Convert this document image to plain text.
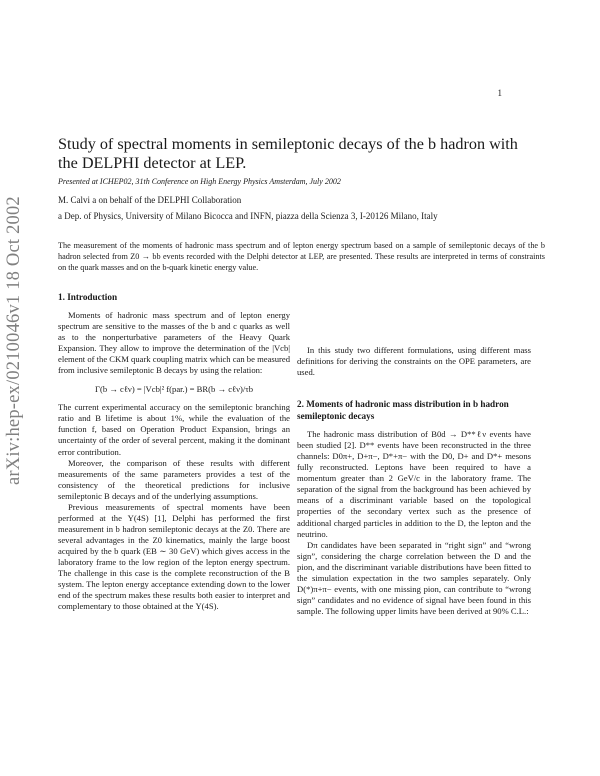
1
arXiv:hep-ex/0210046v1 18 Oct 2002
Study of spectral moments in semileptonic decays of the b hadron with the DELPHI detector at LEP.
Presented at ICHEP02, 31th Conference on High Energy Physics Amsterdam, July 2002
M. Calvi a on behalf of the DELPHI Collaboration
a Dep. of Physics, University of Milano Bicocca and INFN, piazza della Scienza 3, I-20126 Milano, Italy

The measurement of the moments of hadronic mass spectrum and of lepton energy spectrum based on a sample of semileptonic decays of the b hadron selected from Z0 → bb events recorded with the Delphi detector at LEP, are presented. These results are interpreted in terms of constraints on the quark masses and on the b-quark kinetic energy value.

1. Introduction

Moments of hadronic mass spectrum and of lepton energy spectrum are sensitive to the masses of the b and c quarks as well as to the nonperturbative parameters of the Heavy Quark Expansion. They allow to improve the determination of the |Vcb| element of the CKM quark coupling matrix which can be measured from inclusive semileptonic B decays by using the relation:

Γ(b → cℓν) = |Vcb|² f(par.) = BR(b → cℓν)/τb

The current experimental accuracy on the semileptonic branching ratio and B lifetime is about 1%, while the evaluation of the function f, based on Operation Product Expansion, brings an uncertainty of the order of several percent, making it the dominant error contribution.

Moreover, the comparison of these results with different measurements of the same parameters provides a test of the consistency of the theoretical predictions for inclusive semileptonic B decays and of the underlying assumptions.

Previous measurements of spectral moments have been performed at the Υ(4S) [1], Delphi has performed the first measurement in b hadron semileptonic decays at the Z0. There are several advantages in the Z0 kinematics, mainly the large boost acquired by the b quark (EB ∼ 30 GeV) which gives access in the laboratory frame to the low region of the lepton energy spectrum. The challenge in this case is the complete reconstruction of the B system. The lepton energy acceptance extending down to the lower end of the spectrum makes these results both easier to interpret and complementary to those obtained at the Υ(4S).

In this study two different formulations, using different mass definitions for deriving the constraints on the OPE parameters, are used.

2. Moments of hadronic mass distribution in b hadron semileptonic decays

The hadronic mass distribution of B0d → D**ℓν events have been studied [2]. D** events have been reconstructed in the three channels: D0π+, D+π−, D*+π− with the D0, D+ and D*+ mesons fully reconstructed. Leptons have been required to have a momentum greater than 2 GeV/c in the laboratory frame. The separation of the signal from the background has been achieved by means of a discriminant variable based on the topological properties of the secondary vertex such as the presence of additional charged particles in addition to the D, the lepton and the neutrino.

Dπ candidates have been separated in “right sign” and “wrong sign”, considering the charge correlation between the D and the pion, and the discriminant variable distributions have been fitted to the simulation expectation in the two samples separately. Only D(*)π+π− events, with one missing pion, can contribute to “wrong sign” candidates and no evidence of signal have been found in this sample. The following upper limits have been derived at 90% C.L.:
